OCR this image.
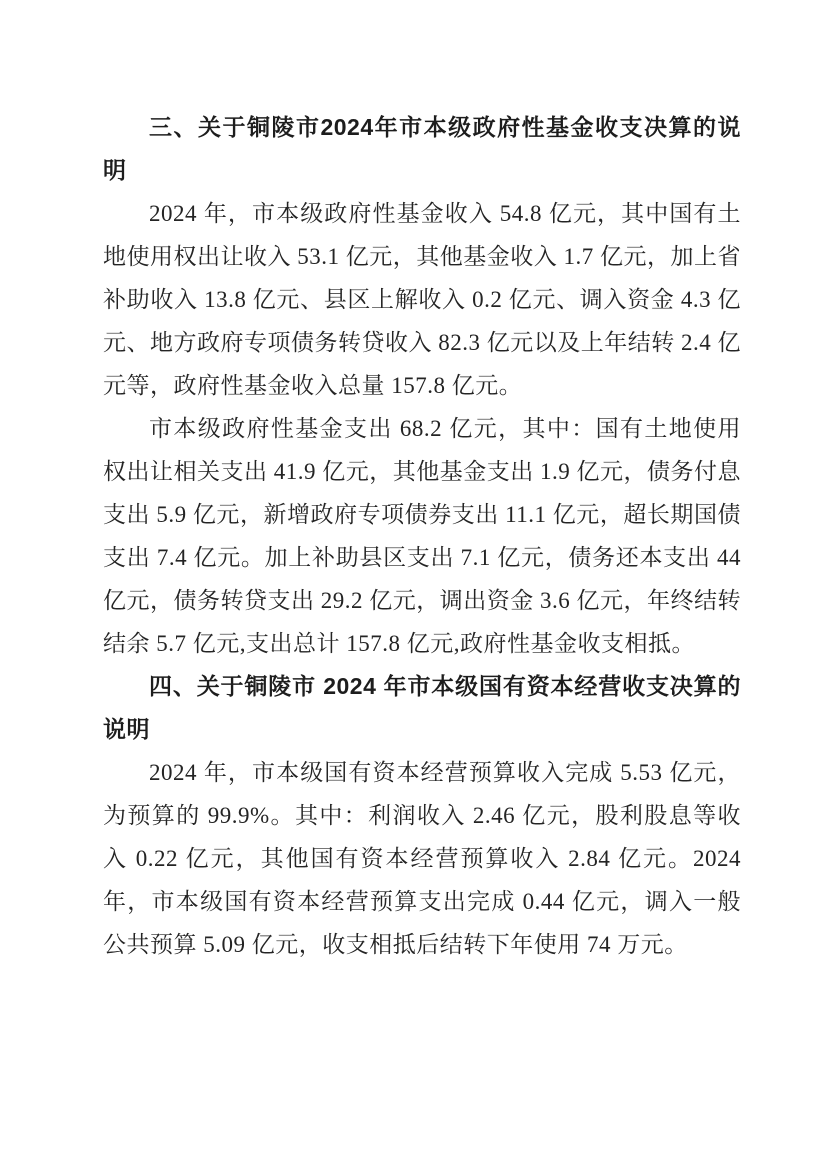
三、关于铜陵市2024年市本级政府性基金收支决算的说明

2024 年，市本级政府性基金收入 54.8 亿元，其中国有土地使用权出让收入 53.1 亿元，其他基金收入 1.7 亿元，加上省补助收入 13.8 亿元、县区上解收入 0.2 亿元、调入资金 4.3 亿元、地方政府专项债务转贷收入 82.3 亿元以及上年结转 2.4 亿元等，政府性基金收入总量 157.8 亿元。

市本级政府性基金支出 68.2 亿元，其中：国有土地使用权出让相关支出 41.9 亿元，其他基金支出 1.9 亿元，债务付息支出 5.9 亿元，新增政府专项债券支出 11.1 亿元，超长期国债支出 7.4 亿元。加上补助县区支出 7.1 亿元，债务还本支出 44 亿元，债务转贷支出 29.2 亿元，调出资金 3.6 亿元，年终结转结余 5.7 亿元,支出总计 157.8 亿元,政府性基金收支相抵。

四、关于铜陵市 2024 年市本级国有资本经营收支决算的说明

2024 年，市本级国有资本经营预算收入完成 5.53 亿元，为预算的 99.9%。其中：利润收入 2.46 亿元，股利股息等收入 0.22 亿元，其他国有资本经营预算收入 2.84 亿元。2024 年，市本级国有资本经营预算支出完成 0.44 亿元，调入一般公共预算 5.09 亿元，收支相抵后结转下年使用 74 万元。
